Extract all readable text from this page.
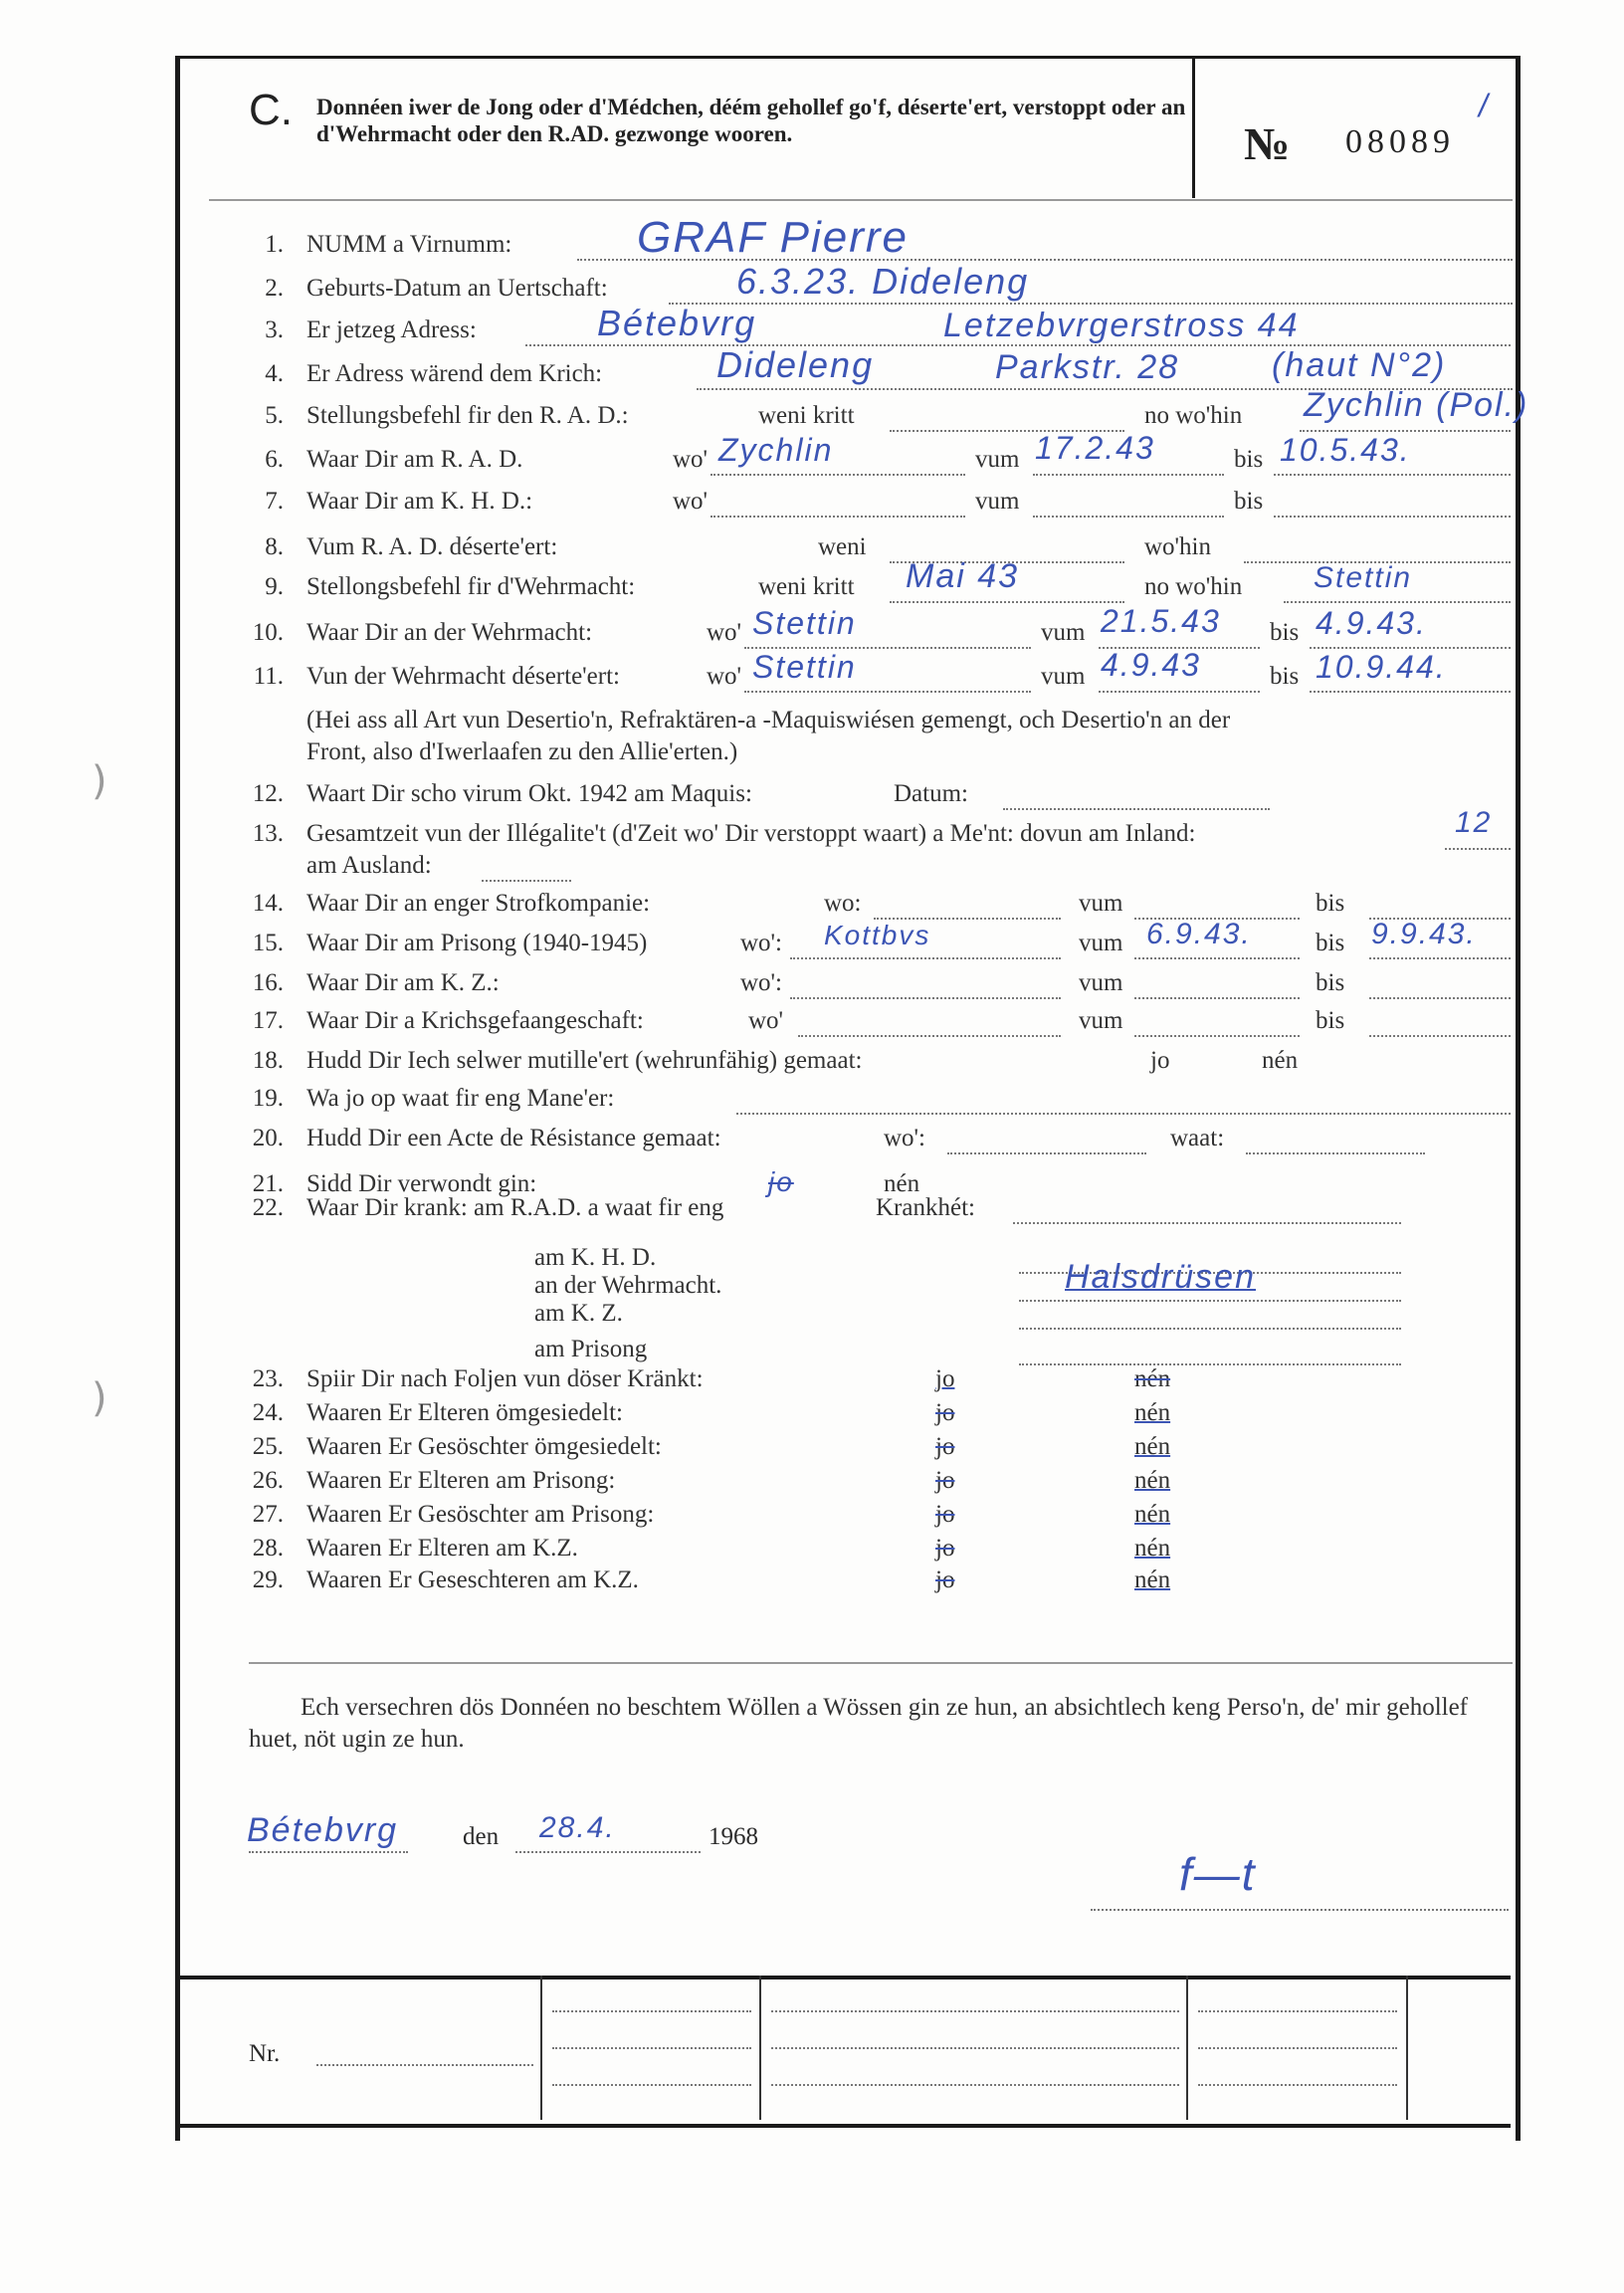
)
)
C. Donnéen iwer de Jong oder d'Médchen, déém gehollef go'f, déserte'ert, verstoppt oder an d'Wehrmacht oder den R.AD. gezwonge wooren.	№ 08089
/
1. NUMM a Virnumm:	GRAF Pierre
2. Geburts-Datum an Uertschaft:	6.3.23. Dideleng
3. Er jetzeg Adress:	Bétebvrg	Letzebvrgerstross 44
4. Er Adress wärend dem Krich:	Dideleng	Parkstr. 28	(haut N°2)
5. Stellungsbefehl fir den R. A. D.:	weni kritt	no wo'hin Zychlin (Pol.)
6. Waar Dir am R. A. D.	wo'	vum	bis
Zychlin	17.2.43	10.5.43.
7. Waar Dir am K. H. D.:	wo'	vum	bis
8. Vum R. A. D. déserte'ert:	weni	wo'hin
9. Stellongsbefehl fir d'Wehrmacht:	weni kritt Mai 43	no wo'hin Stettin
10. Waar Dir an der Wehrmacht:	wo'	vum	bis
Stettin	21.5.43	4.9.43.
11. Vun der Wehrmacht déserte'ert:	wo'	vum	bis
Stettin	4.9.43	10.9.44.
(Hei ass all Art vun Desertio'n, Refraktären-a -Maquiswiésen gemengt, och Desertio'n an der
Front, also d'Iwerlaafen zu den Allie'erten.)
12. Waart Dir scho virum Okt. 1942 am Maquis:	Datum:
13. Gesamtzeit vun der Illégalite't (d'Zeit wo' Dir verstoppt waart) a Me'nt: dovun am Inland:	12
am Ausland:
14. Waar Dir an enger Strofkompanie:	wo:	vum	bis
15. Waar Dir am Prisong (1940-1945)	wo':	vum	bis
Kottbvs	6.9.43.	9.9.43.
16. Waar Dir am K. Z.:	wo':	vum	bis
17. Waar Dir a Krichsgefaangeschaft:	wo'	vum	bis
18. Hudd Dir Iech selwer mutille'ert (wehrunfähig) gemaat:	jo	nén
19. Wa jo op waat fir eng Mane'er:
20. Hudd Dir een Acte de Résistance gemaat:	wo':	waat:
21. Sidd Dir verwondt gin:	jo	nén
22. Waar Dir krank: am R.A.D. a waat fir eng	Krankhét:
am K. H. D.
an der Wehrmacht.	Halsdrüsen
am K. Z.
am Prisong
23. Spiir Dir nach Foljen vun döser Kränkt:	jo	nén
24. Waaren Er Elteren ömgesiedelt:	jo	nén
25. Waaren Er Gesöschter ömgesiedelt:	jo	nén
26. Waaren Er Elteren am Prisong:	jo	nén
27. Waaren Er Gesöschter am Prisong:	jo	nén
28. Waaren Er Elteren am K.Z.	jo	nén
29. Waaren Er Geseschteren am K.Z.	jo	nén
Ech versechren dös Donnéen no beschtem Wöllen a Wössen gin ze hun, an absichtlech keng Perso'n, de' mir gehollef huet, nöt ugin ze hun.
Bétebvrg	den 28.4.	1968
f—t
Nr.
